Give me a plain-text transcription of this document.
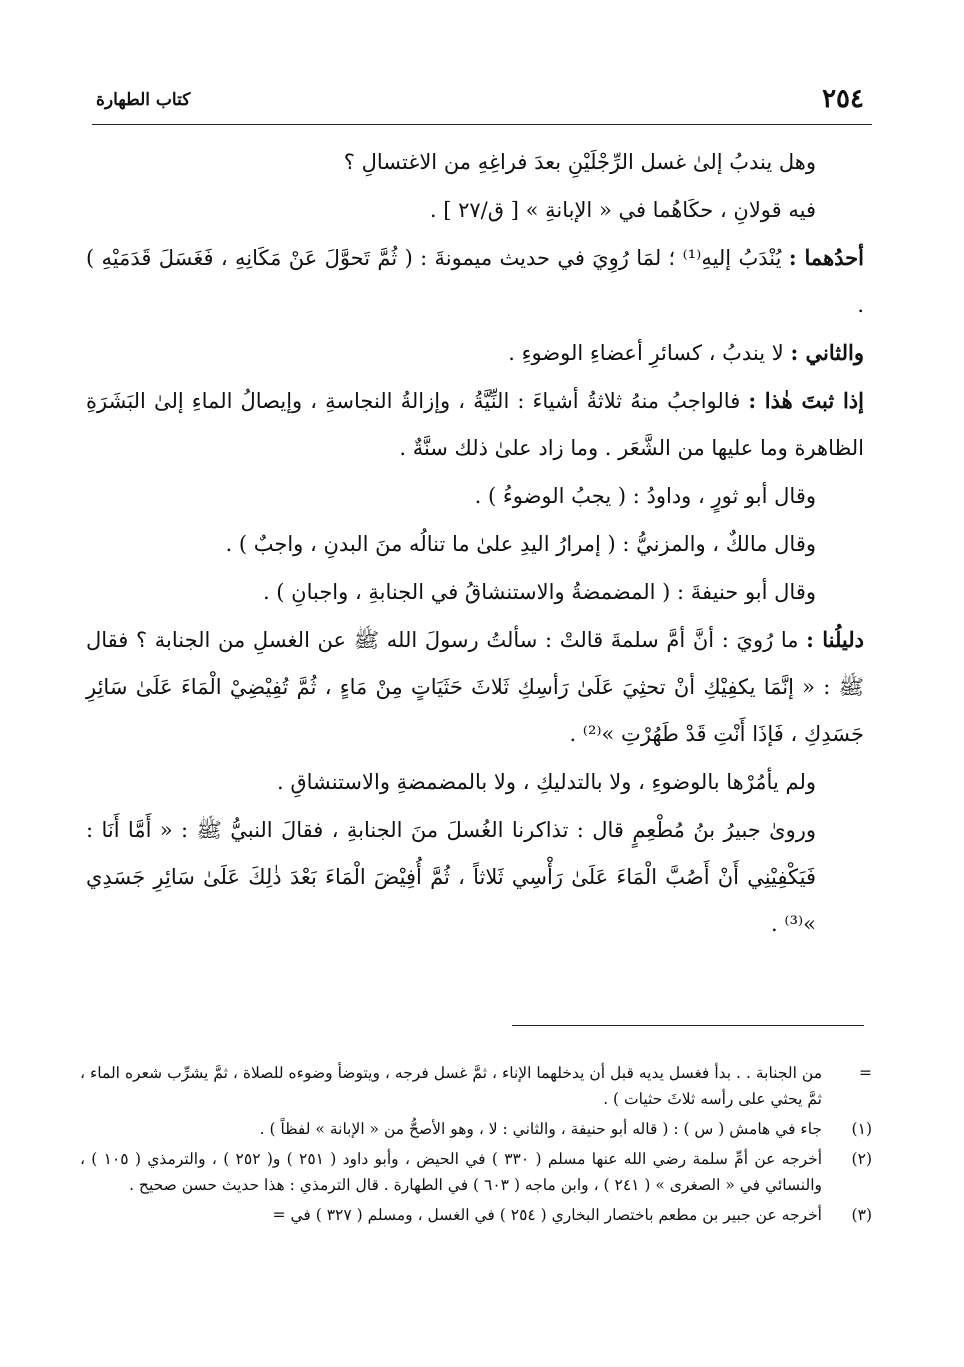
٢٥٤
كتاب الطهارة

وهل يندبُ إلىٰ غسل الرِّجْلَيْنِ بعدَ فراغِهِ من الاغتسالِ ؟

فيه قولانِ ، حكَاهُما في « الإبانةِ » [ ق/٢٧ ] .

أحدُهما : يُنْدَبُ إليهِ⁽¹⁾ ؛ لمَا رُوِيَ في حديث ميمونةَ : ( ثُمَّ تَحوَّلَ عَنْ مَكَانِهِ ، فَغَسَلَ قَدَمَيْهِ ) .

والثاني : لا يندبُ ، كسائرِ أعضاءِ الوضوءِ .

إذا ثبتَ هٰذا : فالواجبُ منهُ ثلاثةُ أشياءَ : النِّيَّةُ ، وإزالةُ النجاسةِ ، وإيصالُ الماءِ إلىٰ البَشَرَةِ الظاهرة وما عليها من الشَّعَر . وما زاد علىٰ ذلك سنَّةٌ .

وقال أبو ثورٍ ، وداودُ : ( يجبُ الوضوءُ ) .

وقال مالكٌ ، والمزنيُّ : ( إمرارُ اليدِ علىٰ ما تنالُه منَ البدنِ ، واجبٌ ) .

وقال أبو حنيفةَ : ( المضمضةُ والاستنشاقُ في الجنابةِ ، واجبانِ ) .

دليلُنا : ما رُويَ : أنَّ أمَّ سلمةَ قالتْ : سألتُ رسولَ الله ﷺ عن الغسلِ من الجنابة ؟ فقال ﷺ : « إنَّمَا يكفِيْكِ أنْ تحثِيَ عَلَىٰ رَأسِكِ ثَلاثَ حَثَيَاتٍ مِنْ مَاءٍ ، ثُمَّ تُفِيْضِيْ الْمَاءَ عَلَىٰ سَائِرِ جَسَدِكِ ، فَإذَا أَنْتِ قَدْ طَهُرْتِ »⁽²⁾ .

ولم يأمُرْها بالوضوءِ ، ولا بالتدليكِ ، ولا بالمضمضةِ والاستنشاقِ .

وروىٰ جبيرُ بنُ مُطْعِمٍ قال : تذاكرنا الغُسلَ منَ الجنابةِ ، فقالَ النبيُّ ﷺ : « أَمَّا أَنَا : فَيَكْفِيْنِي أَنْ أَصُبَّ الْمَاءَ عَلَىٰ رَأْسِي ثَلاثاً ، ثُمَّ أُفِيْضَ الْمَاءَ بَعْدَ ذٰلِكَ عَلَىٰ سَائِرِ جَسَدِي »⁽³⁾ .

=
من الجنابة . . بدأ فغسل يديه قبل أن يدخلهما الإناء ، ثمَّ غسل فرجه ، ويتوضأ وضوءه للصلاة ، ثمَّ يشرِّب شعره الماء ، ثمَّ يحثي على رأسه ثلاثَ حثيات ) .

(١)
جاء في هامش ( س ) : ( قاله أبو حنيفة ، والثاني : لا ، وهو الأصحُّ من « الإبانة » لفظاً ) .

(٢)
أخرجه عن أمِّ سلمة رضي الله عنها مسلم ( ٣٣٠ ) في الحيض ، وأبو داود ( ٢٥١ ) و( ٢٥٢ ) ، والترمذي ( ١٠٥ ) ، والنسائي في « الصغرى » ( ٢٤١ ) ، وابن ماجه ( ٦٠٣ ) في الطهارة . قال الترمذي : هذا حديث حسن صحيح .

(٣)
أخرجه عن جبير بن مطعم باختصار البخاري ( ٢٥٤ ) في الغسل ، ومسلم ( ٣٢٧ ) في =
